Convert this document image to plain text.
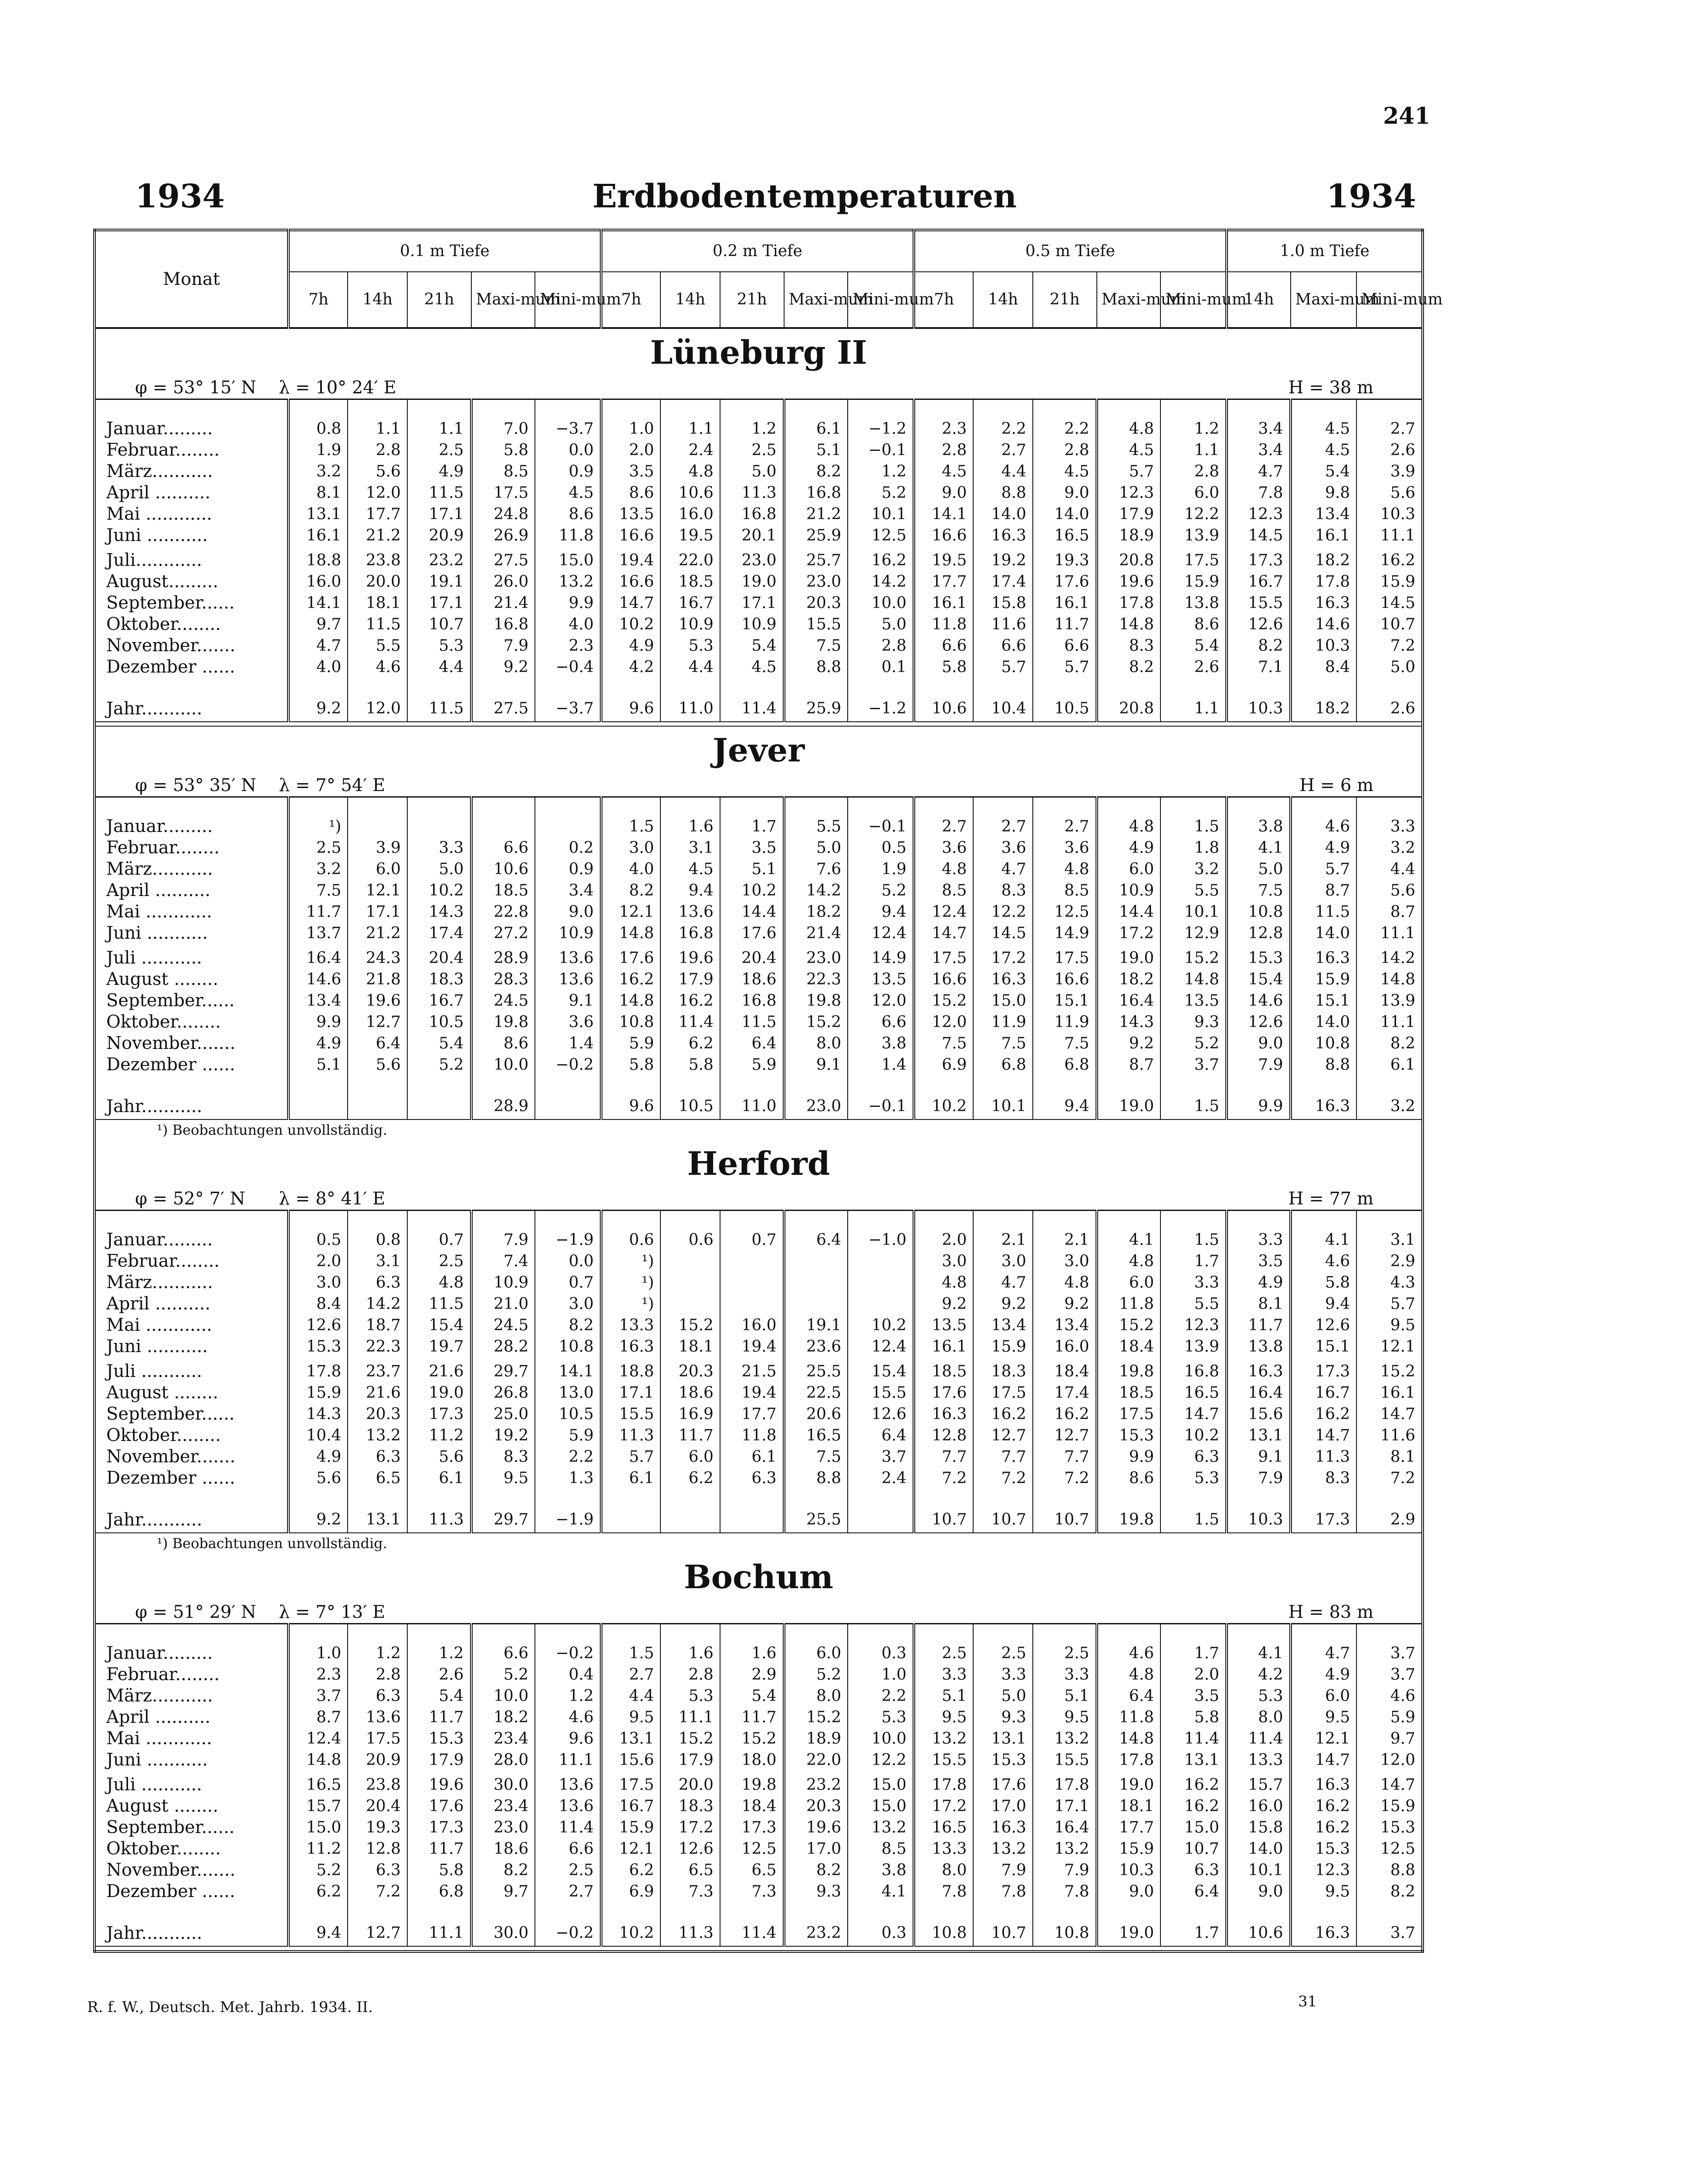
241
1934	Erdbodentemperaturen	1934
Monat	0.1 m Tiefe					0.2 m Tiefe					0.5 m Tiefe					1.0 m Tiefe		
	7h	14h	21h	Maxi-mum	Mini-mum	7h	14h	21h	Maxi-mum	Mini-mum	7h	14h	21h	Maxi-mum	Mini-mum	14h	Maxi-mum	Mini-mum
Lüneburg II																		
φ = 53° 15′ N λ = 10° 24′ E H = 38 m																		

Januar.........	0.8	1.1	1.1	7.0	−3.7	1.0	1.1	1.2	6.1	−1.2	2.3	2.2	2.2	4.8	1.2	3.4	4.5	2.7
Februar........	1.9	2.8	2.5	5.8	0.0	2.0	2.4	2.5	5.1	−0.1	2.8	2.7	2.8	4.5	1.1	3.4	4.5	2.6
März...........	3.2	5.6	4.9	8.5	0.9	3.5	4.8	5.0	8.2	1.2	4.5	4.4	4.5	5.7	2.8	4.7	5.4	3.9
April ..........	8.1	12.0	11.5	17.5	4.5	8.6	10.6	11.3	16.8	5.2	9.0	8.8	9.0	12.3	6.0	7.8	9.8	5.6
Mai ............	13.1	17.7	17.1	24.8	8.6	13.5	16.0	16.8	21.2	10.1	14.1	14.0	14.0	17.9	12.2	12.3	13.4	10.3
Juni ...........	16.1	21.2	20.9	26.9	11.8	16.6	19.5	20.1	25.9	12.5	16.6	16.3	16.5	18.9	13.9	14.5	16.1	11.1

Juli............	18.8	23.8	23.2	27.5	15.0	19.4	22.0	23.0	25.7	16.2	19.5	19.2	19.3	20.8	17.5	17.3	18.2	16.2
August.........	16.0	20.0	19.1	26.0	13.2	16.6	18.5	19.0	23.0	14.2	17.7	17.4	17.6	19.6	15.9	16.7	17.8	15.9
September......	14.1	18.1	17.1	21.4	9.9	14.7	16.7	17.1	20.3	10.0	16.1	15.8	16.1	17.8	13.8	15.5	16.3	14.5
Oktober........	9.7	11.5	10.7	16.8	4.0	10.2	10.9	10.9	15.5	5.0	11.8	11.6	11.7	14.8	8.6	12.6	14.6	10.7
November.......	4.7	5.5	5.3	7.9	2.3	4.9	5.3	5.4	7.5	2.8	6.6	6.6	6.6	8.3	5.4	8.2	10.3	7.2
Dezember ......	4.0	4.6	4.4	9.2	−0.4	4.2	4.4	4.5	8.8	0.1	5.8	5.7	5.7	8.2	2.6	7.1	8.4	5.0

Jahr...........	9.2	12.0	11.5	27.5	−3.7	9.6	11.0	11.4	25.9	−1.2	10.6	10.4	10.5	20.8	1.1	10.3	18.2	2.6

Jever																		
φ = 53° 35′ N λ = 7° 54′ E H = 6 m																		

Januar.........	¹)					1.5	1.6	1.7	5.5	−0.1	2.7	2.7	2.7	4.8	1.5	3.8	4.6	3.3
Februar........	2.5	3.9	3.3	6.6	0.2	3.0	3.1	3.5	5.0	0.5	3.6	3.6	3.6	4.9	1.8	4.1	4.9	3.2
März...........	3.2	6.0	5.0	10.6	0.9	4.0	4.5	5.1	7.6	1.9	4.8	4.7	4.8	6.0	3.2	5.0	5.7	4.4
April ..........	7.5	12.1	10.2	18.5	3.4	8.2	9.4	10.2	14.2	5.2	8.5	8.3	8.5	10.9	5.5	7.5	8.7	5.6
Mai ............	11.7	17.1	14.3	22.8	9.0	12.1	13.6	14.4	18.2	9.4	12.4	12.2	12.5	14.4	10.1	10.8	11.5	8.7
Juni ...........	13.7	21.2	17.4	27.2	10.9	14.8	16.8	17.6	21.4	12.4	14.7	14.5	14.9	17.2	12.9	12.8	14.0	11.1

Juli ...........	16.4	24.3	20.4	28.9	13.6	17.6	19.6	20.4	23.0	14.9	17.5	17.2	17.5	19.0	15.2	15.3	16.3	14.2
August ........	14.6	21.8	18.3	28.3	13.6	16.2	17.9	18.6	22.3	13.5	16.6	16.3	16.6	18.2	14.8	15.4	15.9	14.8
September......	13.4	19.6	16.7	24.5	9.1	14.8	16.2	16.8	19.8	12.0	15.2	15.0	15.1	16.4	13.5	14.6	15.1	13.9
Oktober........	9.9	12.7	10.5	19.8	3.6	10.8	11.4	11.5	15.2	6.6	12.0	11.9	11.9	14.3	9.3	12.6	14.0	11.1
November.......	4.9	6.4	5.4	8.6	1.4	5.9	6.2	6.4	8.0	3.8	7.5	7.5	7.5	9.2	5.2	9.0	10.8	8.2
Dezember ......	5.1	5.6	5.2	10.0	−0.2	5.8	5.8	5.9	9.1	1.4	6.9	6.8	6.8	8.7	3.7	7.9	8.8	6.1

Jahr...........				28.9		9.6	10.5	11.0	23.0	−0.1	10.2	10.1	9.4	19.0	1.5	9.9	16.3	3.2
¹) Beobachtungen unvollständig.																		
Herford																		
φ = 52° 7′ N λ = 8° 41′ E H = 77 m																		

Januar.........	0.5	0.8	0.7	7.9	−1.9	0.6	0.6	0.7	6.4	−1.0	2.0	2.1	2.1	4.1	1.5	3.3	4.1	3.1
Februar........	2.0	3.1	2.5	7.4	0.0	¹)					3.0	3.0	3.0	4.8	1.7	3.5	4.6	2.9
März...........	3.0	6.3	4.8	10.9	0.7	¹)					4.8	4.7	4.8	6.0	3.3	4.9	5.8	4.3
April ..........	8.4	14.2	11.5	21.0	3.0	¹)					9.2	9.2	9.2	11.8	5.5	8.1	9.4	5.7
Mai ............	12.6	18.7	15.4	24.5	8.2	13.3	15.2	16.0	19.1	10.2	13.5	13.4	13.4	15.2	12.3	11.7	12.6	9.5
Juni ...........	15.3	22.3	19.7	28.2	10.8	16.3	18.1	19.4	23.6	12.4	16.1	15.9	16.0	18.4	13.9	13.8	15.1	12.1

Juli ...........	17.8	23.7	21.6	29.7	14.1	18.8	20.3	21.5	25.5	15.4	18.5	18.3	18.4	19.8	16.8	16.3	17.3	15.2
August ........	15.9	21.6	19.0	26.8	13.0	17.1	18.6	19.4	22.5	15.5	17.6	17.5	17.4	18.5	16.5	16.4	16.7	16.1
September......	14.3	20.3	17.3	25.0	10.5	15.5	16.9	17.7	20.6	12.6	16.3	16.2	16.2	17.5	14.7	15.6	16.2	14.7
Oktober........	10.4	13.2	11.2	19.2	5.9	11.3	11.7	11.8	16.5	6.4	12.8	12.7	12.7	15.3	10.2	13.1	14.7	11.6
November.......	4.9	6.3	5.6	8.3	2.2	5.7	6.0	6.1	7.5	3.7	7.7	7.7	7.7	9.9	6.3	9.1	11.3	8.1
Dezember ......	5.6	6.5	6.1	9.5	1.3	6.1	6.2	6.3	8.8	2.4	7.2	7.2	7.2	8.6	5.3	7.9	8.3	7.2

Jahr...........	9.2	13.1	11.3	29.7	−1.9				25.5		10.7	10.7	10.7	19.8	1.5	10.3	17.3	2.9
¹) Beobachtungen unvollständig.																		
Bochum																		
φ = 51° 29′ N λ = 7° 13′ E H = 83 m																		

Januar.........	1.0	1.2	1.2	6.6	−0.2	1.5	1.6	1.6	6.0	0.3	2.5	2.5	2.5	4.6	1.7	4.1	4.7	3.7
Februar........	2.3	2.8	2.6	5.2	0.4	2.7	2.8	2.9	5.2	1.0	3.3	3.3	3.3	4.8	2.0	4.2	4.9	3.7
März...........	3.7	6.3	5.4	10.0	1.2	4.4	5.3	5.4	8.0	2.2	5.1	5.0	5.1	6.4	3.5	5.3	6.0	4.6
April ..........	8.7	13.6	11.7	18.2	4.6	9.5	11.1	11.7	15.2	5.3	9.5	9.3	9.5	11.8	5.8	8.0	9.5	5.9
Mai ............	12.4	17.5	15.3	23.4	9.6	13.1	15.2	15.2	18.9	10.0	13.2	13.1	13.2	14.8	11.4	11.4	12.1	9.7
Juni ...........	14.8	20.9	17.9	28.0	11.1	15.6	17.9	18.0	22.0	12.2	15.5	15.3	15.5	17.8	13.1	13.3	14.7	12.0

Juli ...........	16.5	23.8	19.6	30.0	13.6	17.5	20.0	19.8	23.2	15.0	17.8	17.6	17.8	19.0	16.2	15.7	16.3	14.7
August ........	15.7	20.4	17.6	23.4	13.6	16.7	18.3	18.4	20.3	15.0	17.2	17.0	17.1	18.1	16.2	16.0	16.2	15.9
September......	15.0	19.3	17.3	23.0	11.4	15.9	17.2	17.3	19.6	13.2	16.5	16.3	16.4	17.7	15.0	15.8	16.2	15.3
Oktober........	11.2	12.8	11.7	18.6	6.6	12.1	12.6	12.5	17.0	8.5	13.3	13.2	13.2	15.9	10.7	14.0	15.3	12.5
November.......	5.2	6.3	5.8	8.2	2.5	6.2	6.5	6.5	8.2	3.8	8.0	7.9	7.9	10.3	6.3	10.1	12.3	8.8
Dezember ......	6.2	7.2	6.8	9.7	2.7	6.9	7.3	7.3	9.3	4.1	7.8	7.8	7.8	9.0	6.4	9.0	9.5	8.2

Jahr...........	9.4	12.7	11.1	30.0	−0.2	10.2	11.3	11.4	23.2	0.3	10.8	10.7	10.8	19.0	1.7	10.6	16.3	3.7

R. f. W., Deutsch. Met. Jahrb. 1934. II.	31
